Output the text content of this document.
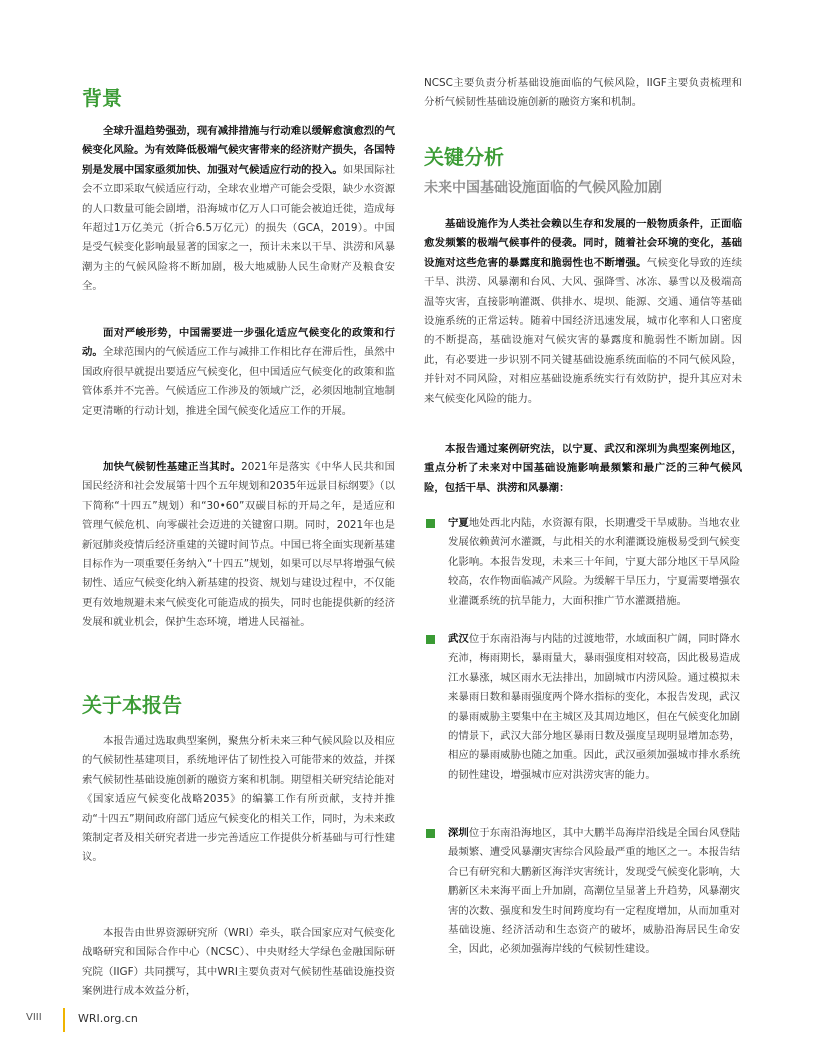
背景

全球升温趋势强劲，现有减排措施与行动难以缓解愈演愈烈的气候变化风险。为有效降低极端气候灾害带来的经济财产损失，各国特别是发展中国家亟须加快、加强对气候适应行动的投入。如果国际社会不立即采取气候适应行动，全球农业增产可能会受限，缺少水资源的人口数量可能会剧增，沿海城市亿万人口可能会被迫迁徙，造成每年超过1万亿美元（折合6.5万亿元）的损失（GCA，2019）。中国是受气候变化影响最显著的国家之一，预计未来以干旱、洪涝和风暴潮为主的气候风险将不断加剧，极大地威胁人民生命财产及粮食安全。

面对严峻形势，中国需要进一步强化适应气候变化的政策和行动。全球范围内的气候适应工作与减排工作相比存在滞后性，虽然中国政府很早就提出要适应气候变化，但中国适应气候变化的政策和监管体系并不完善。气候适应工作涉及的领域广泛，必须因地制宜地制定更清晰的行动计划，推进全国气候变化适应工作的开展。

加快气候韧性基建正当其时。2021年是落实《中华人民共和国国民经济和社会发展第十四个五年规划和2035年远景目标纲要》（以下简称“十四五”规划）和“30•60”双碳目标的开局之年，是适应和管理气候危机、向零碳社会迈进的关键窗口期。同时，2021年也是新冠肺炎疫情后经济重建的关键时间节点。中国已将全面实现新基建目标作为一项重要任务纳入“十四五”规划，如果可以尽早将增强气候韧性、适应气候变化纳入新基建的投资、规划与建设过程中，不仅能更有效地规避未来气候变化可能造成的损失，同时也能提供新的经济发展和就业机会，保护生态环境，增进人民福祉。

关于本报告

本报告通过选取典型案例，聚焦分析未来三种气候风险以及相应的气候韧性基建项目，系统地评估了韧性投入可能带来的效益，并探索气候韧性基础设施创新的融资方案和机制。期望相关研究结论能对《国家适应气候变化战略2035》的编纂工作有所贡献，支持并推动“十四五”期间政府部门适应气候变化的相关工作，同时，为未来政策制定者及相关研究者进一步完善适应工作提供分析基础与可行性建议。

本报告由世界资源研究所（WRI）牵头，联合国家应对气候变化战略研究和国际合作中心（NCSC）、中央财经大学绿色金融国际研究院（IIGF）共同撰写，其中WRI主要负责对气候韧性基础设施投资案例进行成本效益分析，

NCSC主要负责分析基础设施面临的气候风险，IIGF主要负责梳理和分析气候韧性基础设施创新的融资方案和机制。

关键分析
未来中国基础设施面临的气候风险加剧

基础设施作为人类社会赖以生存和发展的一般物质条件，正面临愈发频繁的极端气候事件的侵袭。同时，随着社会环境的变化，基础设施对这些危害的暴露度和脆弱性也不断增强。气候变化导致的连续干旱、洪涝、风暴潮和台风、大风、强降雪、冰冻、暴雪以及极端高温等灾害，直接影响灌溉、供排水、堤坝、能源、交通、通信等基础设施系统的正常运转。随着中国经济迅速发展，城市化率和人口密度的不断提高，基础设施对气候灾害的暴露度和脆弱性不断加剧。因此，有必要进一步识别不同关键基础设施系统面临的不同气候风险，并针对不同风险，对相应基础设施系统实行有效防护，提升其应对未来气候变化风险的能力。

本报告通过案例研究法，以宁夏、武汉和深圳为典型案例地区，重点分析了未来对中国基础设施影响最频繁和最广泛的三种气候风险，包括干旱、洪涝和风暴潮：

宁夏地处西北内陆，水资源有限，长期遭受干旱威胁。当地农业发展依赖黄河水灌溉，与此相关的水利灌溉设施极易受到气候变化影响。本报告发现，未来三十年间，宁夏大部分地区干旱风险较高，农作物面临减产风险。为缓解干旱压力，宁夏需要增强农业灌溉系统的抗旱能力，大面积推广节水灌溉措施。

武汉位于东南沿海与内陆的过渡地带，水域面积广阔，同时降水充沛，梅雨期长，暴雨量大，暴雨强度相对较高，因此极易造成江水暴涨，城区雨水无法排出，加剧城市内涝风险。通过模拟未来暴雨日数和暴雨强度两个降水指标的变化，本报告发现，武汉的暴雨威胁主要集中在主城区及其周边地区，但在气候变化加剧的情景下，武汉大部分地区暴雨日数及强度呈现明显增加态势，相应的暴雨威胁也随之加重。因此，武汉亟须加强城市排水系统的韧性建设，增强城市应对洪涝灾害的能力。

深圳位于东南沿海地区，其中大鹏半岛海岸沿线是全国台风登陆最频繁、遭受风暴潮灾害综合风险最严重的地区之一。本报告结合已有研究和大鹏新区海洋灾害统计，发现受气候变化影响，大鹏新区未来海平面上升加剧，高潮位呈显著上升趋势，风暴潮灾害的次数、强度和发生时间跨度均有一定程度增加，从而加重对基础设施、经济活动和生态资产的破坏，威胁沿海居民生命安全，因此，必须加强海岸线的气候韧性建设。

VIII	WRI.org.cn
